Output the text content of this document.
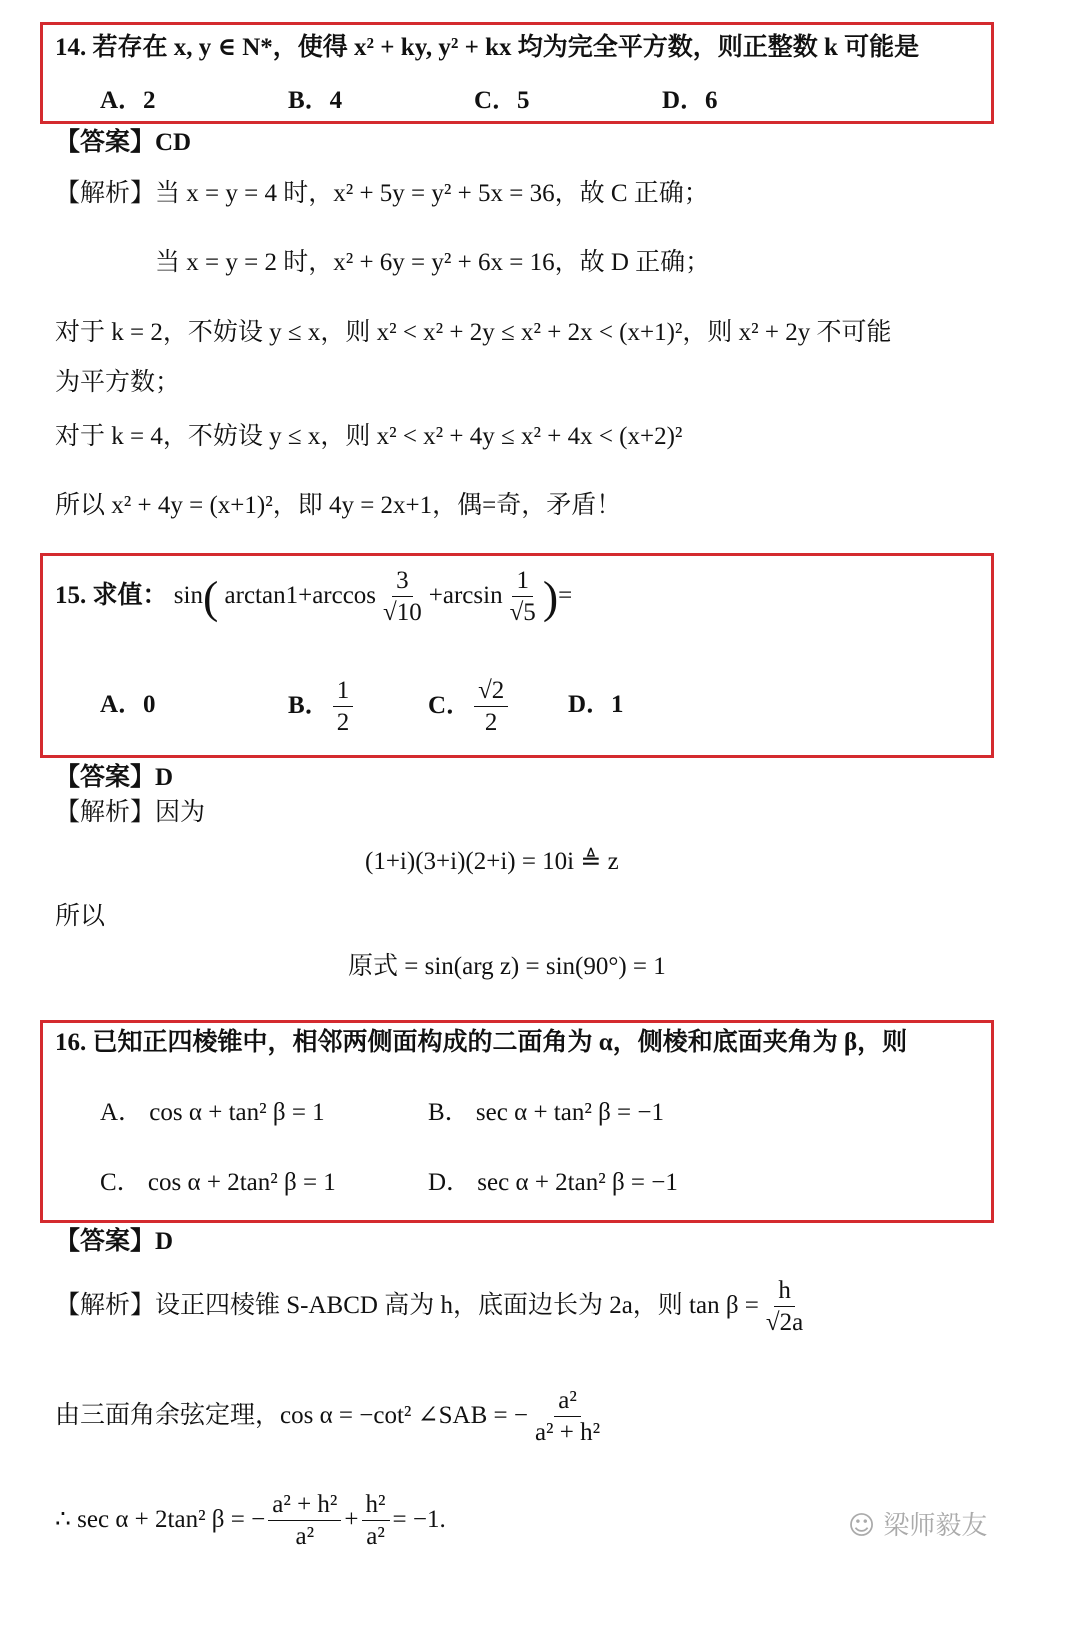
14. 若存在 x, y ∈ N*，使得 x² + ky, y² + kx 均为完全平方数，则正整数 k 可能是
A．2	B．4	C．5	D．6
【答案】CD
【解析】当 x = y = 4 时，x² + 5y = y² + 5x = 36，故 C 正确；
当 x = y = 2 时，x² + 6y = y² + 6x = 16，故 D 正确；
对于 k = 2，不妨设 y ≤ x，则 x² < x² + 2y ≤ x² + 2x < (x+1)²，则 x² + 2y 不可能
为平方数；
对于 k = 4，不妨设 y ≤ x，则 x² < x² + 4y ≤ x² + 4x < (x+2)²
所以 x² + 4y = (x+1)²，即 4y = 2x+1，偶=奇，矛盾！
15. 求值： sin( $\arctan 1+\arccos \frac{3}{√10} +\arcsin \frac{1}{√5}$ )=
A．0	B． $\frac{1}{2}$	C． $\frac{√2}{2}$ D．1
【答案】D
【解析】因为
(1+i)(3+i)(2+i) = 10i ≜ z
所以
原式 = sin(arg z) = sin(90°) = 1
16. 已知正四棱锥中，相邻两侧面构成的二面角为 α，侧棱和底面夹角为 β，则
A． cos α + tan² β = 1	B． sec α + tan² β = −1
C． cos α + 2tan² β = 1	D． sec α + 2tan² β = −1
【答案】D
【解析】设正四棱锥 S-ABCD 高为 h，底面边长为 2a，则 $\tan \beta = \frac{h}{√2a}$
由三面角余弦定理，cos α = −cot² ∠SAB = − $\frac{\text{a²}}{\text{a² + h²}}$
∴ sec α + 2tan² β = − $\frac{\text{a² + h²}}{\text{a²}} + \frac{\text{h²}}{\text{a²}} = -1$.	☺ 梁师毅友
